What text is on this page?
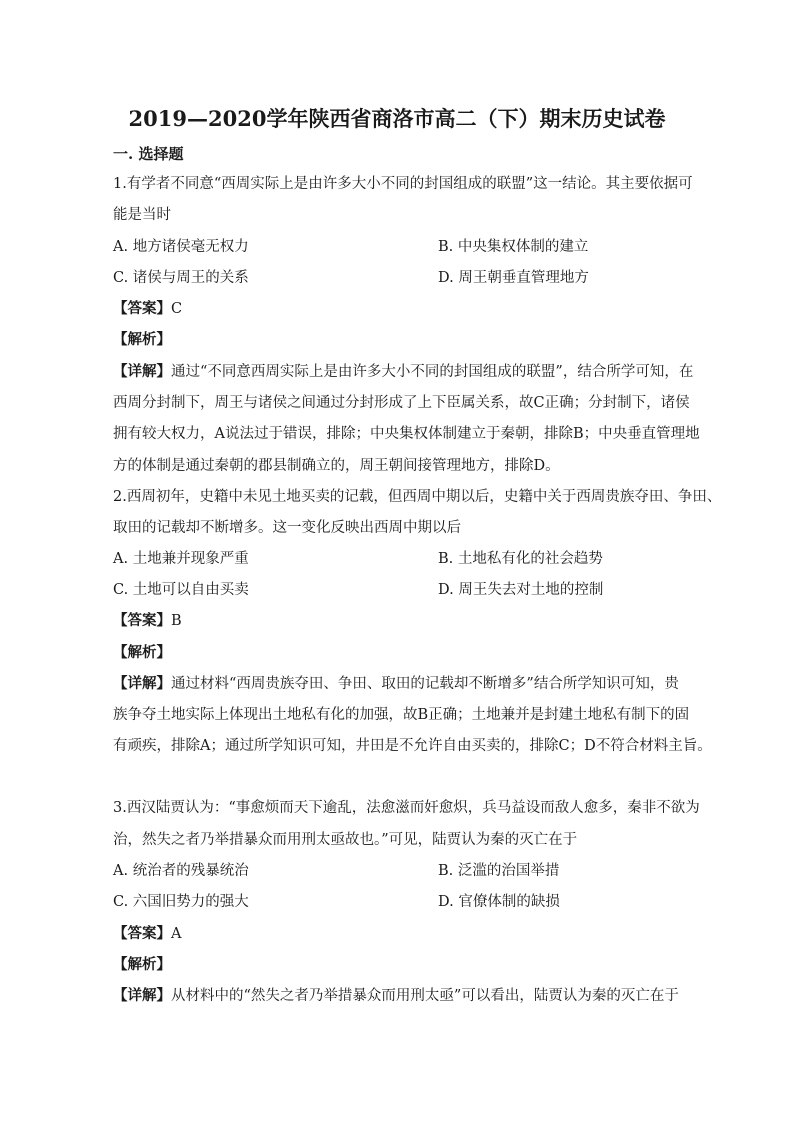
2019—2020学年陕西省商洛市高二（下）期末历史试卷
一. 选择题
1.有学者不同意“西周实际上是由许多大小不同的封国组成的联盟”这一结论。其主要依据可
能是当时
A. 地方诸侯毫无权力	B. 中央集权体制的建立
C. 诸侯与周王的关系	D. 周王朝垂直管理地方
【答案】C
【解析】
【详解】通过“不同意西周实际上是由许多大小不同的封国组成的联盟”，结合所学可知，在
西周分封制下，周王与诸侯之间通过分封形成了上下臣属关系，故C正确；分封制下，诸侯
拥有较大权力，A说法过于错误，排除；中央集权体制建立于秦朝，排除B；中央垂直管理地
方的体制是通过秦朝的郡县制确立的，周王朝间接管理地方，排除D。
2.西周初年，史籍中未见土地买卖的记载，但西周中期以后，史籍中关于西周贵族夺田、争田、
取田的记载却不断增多。这一变化反映出西周中期以后
A. 土地兼并现象严重	B. 土地私有化的社会趋势
C. 土地可以自由买卖	D. 周王失去对土地的控制
【答案】B
【解析】
【详解】通过材料“西周贵族夺田、争田、取田的记载却不断增多”结合所学知识可知，贵
族争夺土地实际上体现出土地私有化的加强，故B正确；土地兼并是封建土地私有制下的固
有顽疾，排除A；通过所学知识可知，井田是不允许自由买卖的，排除C；D不符合材料主旨。
3.西汉陆贾认为：“事愈烦而天下逾乱，法愈滋而奸愈炽，兵马益设而敌人愈多，秦非不欲为
治，然失之者乃举措暴众而用刑太亟故也。”可见，陆贾认为秦的灭亡在于
A. 统治者的残暴统治	B. 泛滥的治国举措
C. 六国旧势力的强大	D. 官僚体制的缺损
【答案】A
【解析】
【详解】从材料中的“然失之者乃举措暴众而用刑太亟”可以看出，陆贾认为秦的灭亡在于
